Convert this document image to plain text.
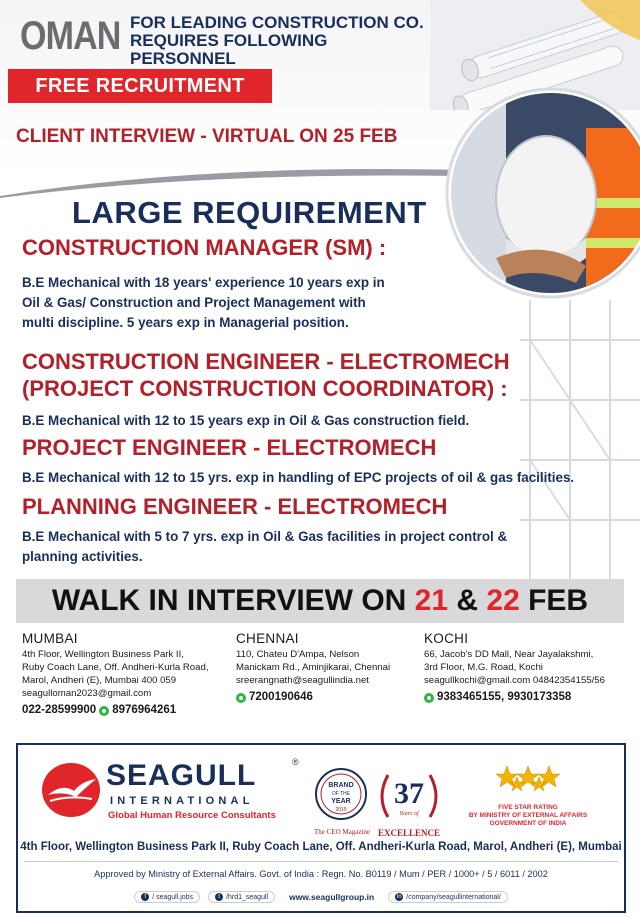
OMAN FOR LEADING CONSTRUCTION CO.
REQUIRES FOLLOWING PERSONNEL
FREE RECRUITMENT
CLIENT INTERVIEW - VIRTUAL ON 25 FEB
LARGE REQUIREMENT
CONSTRUCTION MANAGER (SM) :
B.E Mechanical with 18 years' experience 10 years exp in
Oil & Gas/ Construction and Project Management with
multi discipline. 5 years exp in Managerial position.
CONSTRUCTION ENGINEER - ELECTROMECH
(PROJECT CONSTRUCTION COORDINATOR) :
B.E Mechanical with 12 to 15 years exp in Oil & Gas construction field.
PROJECT ENGINEER - ELECTROMECH
B.E Mechanical with 12 to 15 yrs. exp in handling of EPC projects of oil & gas facilities.
PLANNING ENGINEER - ELECTROMECH
B.E Mechanical with 5 to 7 yrs. exp in Oil & Gas facilities in project control &
planning activities.
WALK IN INTERVIEW ON 21 & 22 FEB
MUMBAI
4th Floor, Wellington Business Park II,
Ruby Coach Lane, Off. Andheri-Kurla Road,
Marol, Andheri (E), Mumbai 400 059
seagulloman2023@gmail.com
022-28599900 8976964261
CHENNAI
110, Chateu D'Ampa, Nelson
Manickam Rd., Aminjikarai, Chennai
sreerangnath@seagullindia.net
7200190646
KOCHI
66, Jacob's DD Mall, Near Jayalakshmi,
3rd Floor, M.G. Road, Kochi
seagullkochi@gmail.com 04842354155/56
9383465155, 9930173358
SEAGULL
INTERNATIONAL
Global Human Resource Consultants
®
BRAND
OF THE
YEAR
2019
The CEO Magazine
37
Years of
EXCELLENCE
FIVE STAR RATING
BY MINISTRY OF EXTERNAL AFFAIRS
GOVERNMENT OF INDIA
4th Floor, Wellington Business Park II, Ruby Coach Lane, Off. Andheri-Kurla Road, Marol, Andheri (E), Mumbai
Approved by Ministry of External Affairs. Govt. of India : Regn. No. B0119 / Mum / PER / 1000+ / 5 / 6011 / 2002
f / seagull.jobs	t /hrd1_seagull	www.seagullgroup.in	in /company/seagullinternational/
